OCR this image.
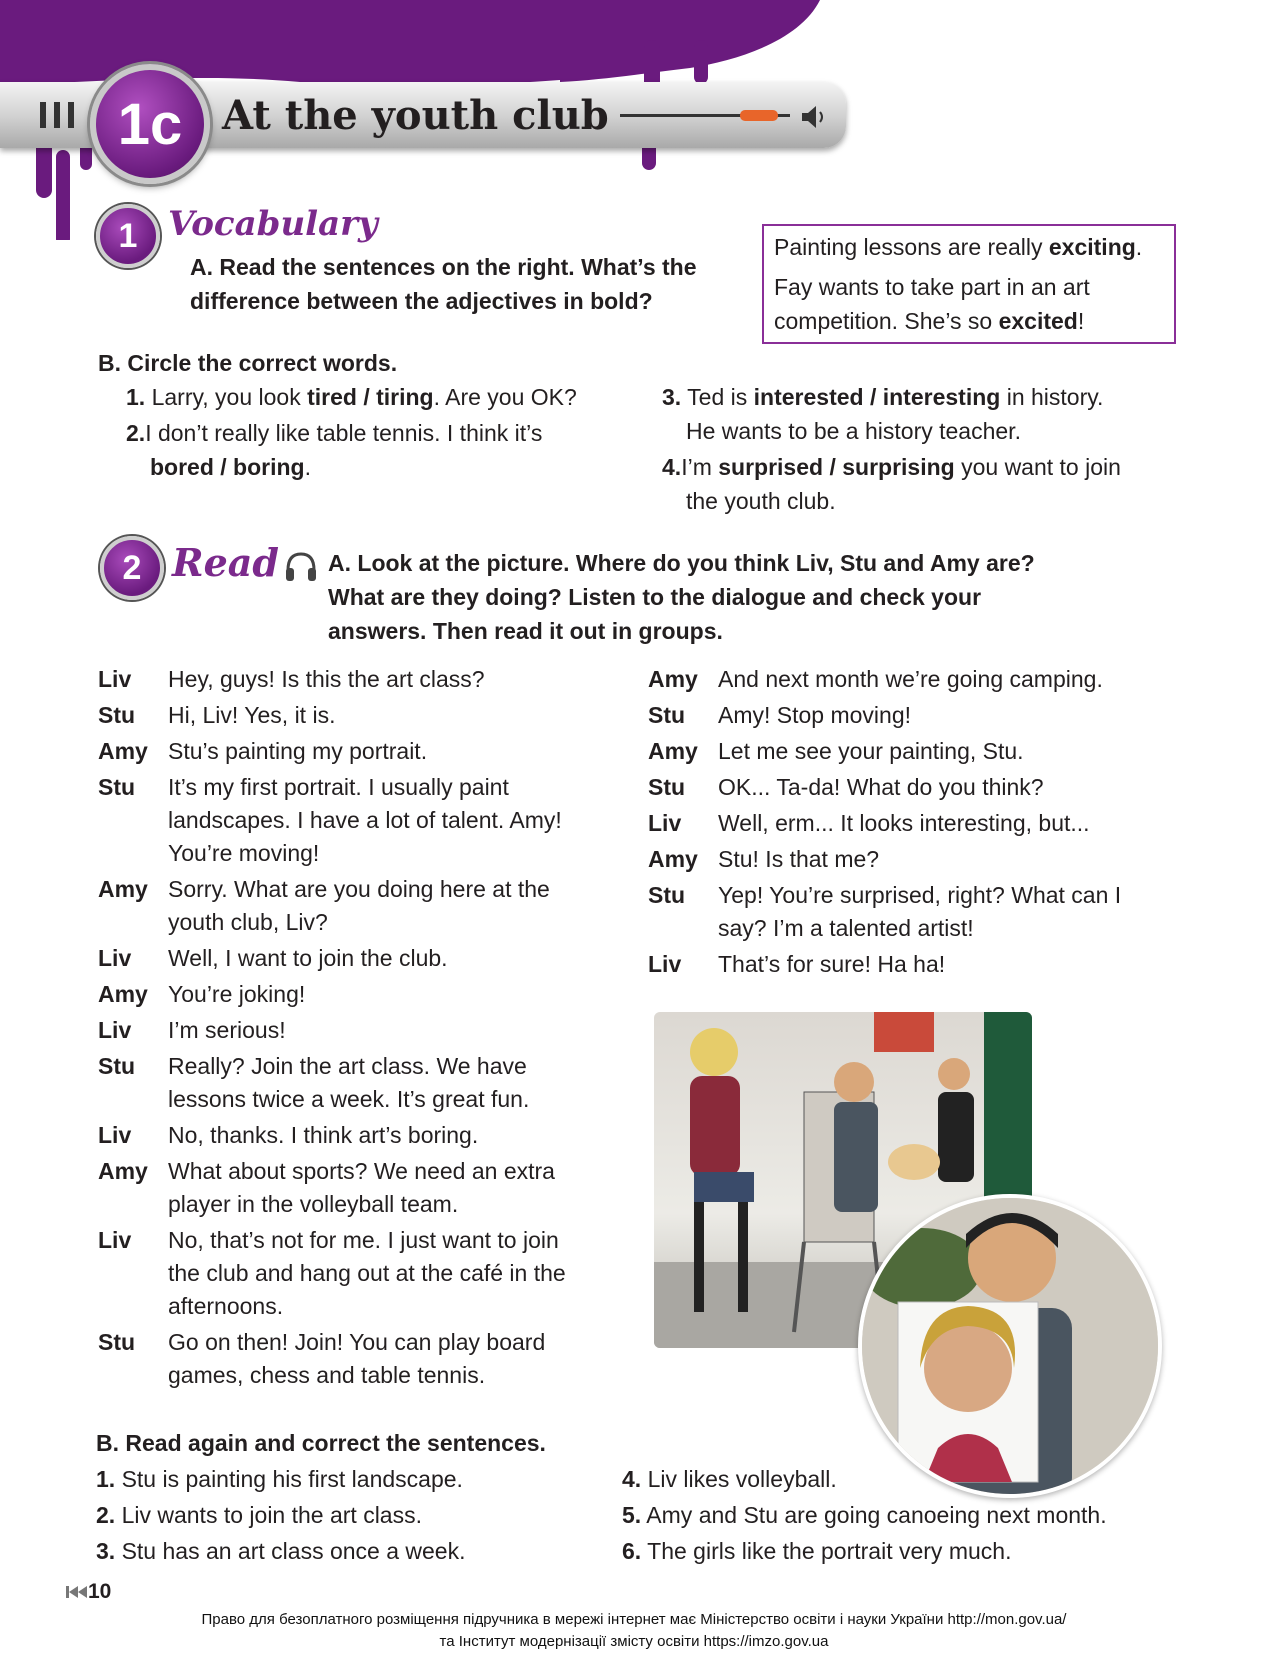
1c At the youth club
1 Vocabulary
A. Read the sentences on the right. What’s the
difference between the adjectives in bold?
Painting lessons are really exciting.
Fay wants to take part in an art
competition. She’s so excited!
B. Circle the correct words.
1. Larry, you look tired / tiring. Are you OK?
2.I don’t really like table tennis. I think it’s
bored / boring.
3. Ted is interested / interesting in history.
He wants to be a history teacher.
4.I’m surprised / surprising you want to join
the youth club.
2 Read A. Look at the picture. Where do you think Liv, Stu and Amy are?
What are they doing? Listen to the dialogue and check your
answers. Then read it out in groups.
Liv Hey, guys! Is this the art class?
Stu Hi, Liv! Yes, it is.
Amy Stu’s painting my portrait.
Stu It’s my first portrait. I usually paint
landscapes. I have a lot of talent. Amy!
You’re moving!
Amy Sorry. What are you doing here at the
youth club, Liv?
Liv Well, I want to join the club.
Amy You’re joking!
Liv I’m serious!
Stu Really? Join the art class. We have
lessons twice a week. It’s great fun.
Liv No, thanks. I think art’s boring.
Amy What about sports? We need an extra
player in the volleyball team.
Liv No, that’s not for me. I just want to join
the club and hang out at the café in the
afternoons.
Stu Go on then! Join! You can play board
games, chess and table tennis.
Amy And next month we’re going camping.
Stu Amy! Stop moving!
Amy Let me see your painting, Stu.
Stu OK... Ta-da! What do you think?
Liv Well, erm... It looks interesting, but...
Amy Stu! Is that me?
Stu Yep! You’re surprised, right? What can I
say? I’m a talented artist!
Liv That’s for sure! Ha ha!
B. Read again and correct the sentences.
1. Stu is painting his first landscape.
2. Liv wants to join the art class.
3. Stu has an art class once a week.
4. Liv likes volleyball.
5. Amy and Stu are going canoeing next month.
6. The girls like the portrait very much.
10
Право для безоплатного розміщення підручника в мережі інтернет має Міністерство освіти і науки України http://mon.gov.ua/
та Інститут модернізації змісту освіти https://imzo.gov.ua
